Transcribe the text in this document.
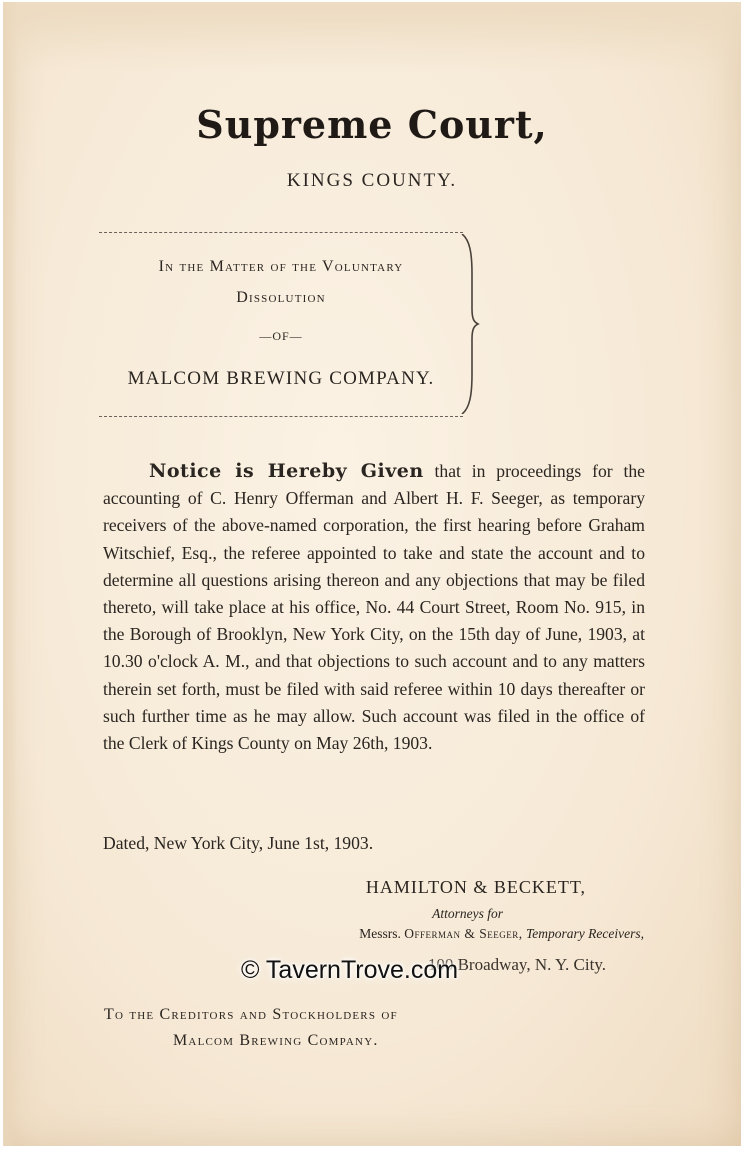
Supreme Court,
KINGS COUNTY.
In the Matter of the Voluntary
Dissolution
—OF—
MALCOM BREWING COMPANY.
Notice is Hereby Given that in proceedings for the accounting of C. Henry Offerman and Albert H. F. Seeger, as temporary receivers of the above-named corporation, the first hearing before Graham Witschief, Esq., the referee appointed to take and state the account and to determine all questions arising thereon and any objections that may be filed thereto, will take place at his office, No. 44 Court Street, Room No. 915, in the Borough of Brooklyn, New York City, on the 15th day of June, 1903, at 10.30 o'clock A. M., and that objections to such account and to any matters therein set forth, must be filed with said referee within 10 days thereafter or such further time as he may allow. Such account was filed in the office of the Clerk of Kings County on May 26th, 1903.
Dated, New York City, June 1st, 1903.
HAMILTON & BECKETT,
Attorneys for
Messrs. Offerman & Seeger, Temporary Receivers,
100 Broadway, N. Y. City.
© TavernTrove.com
To the Creditors and Stockholders of
Malcom Brewing Company.
